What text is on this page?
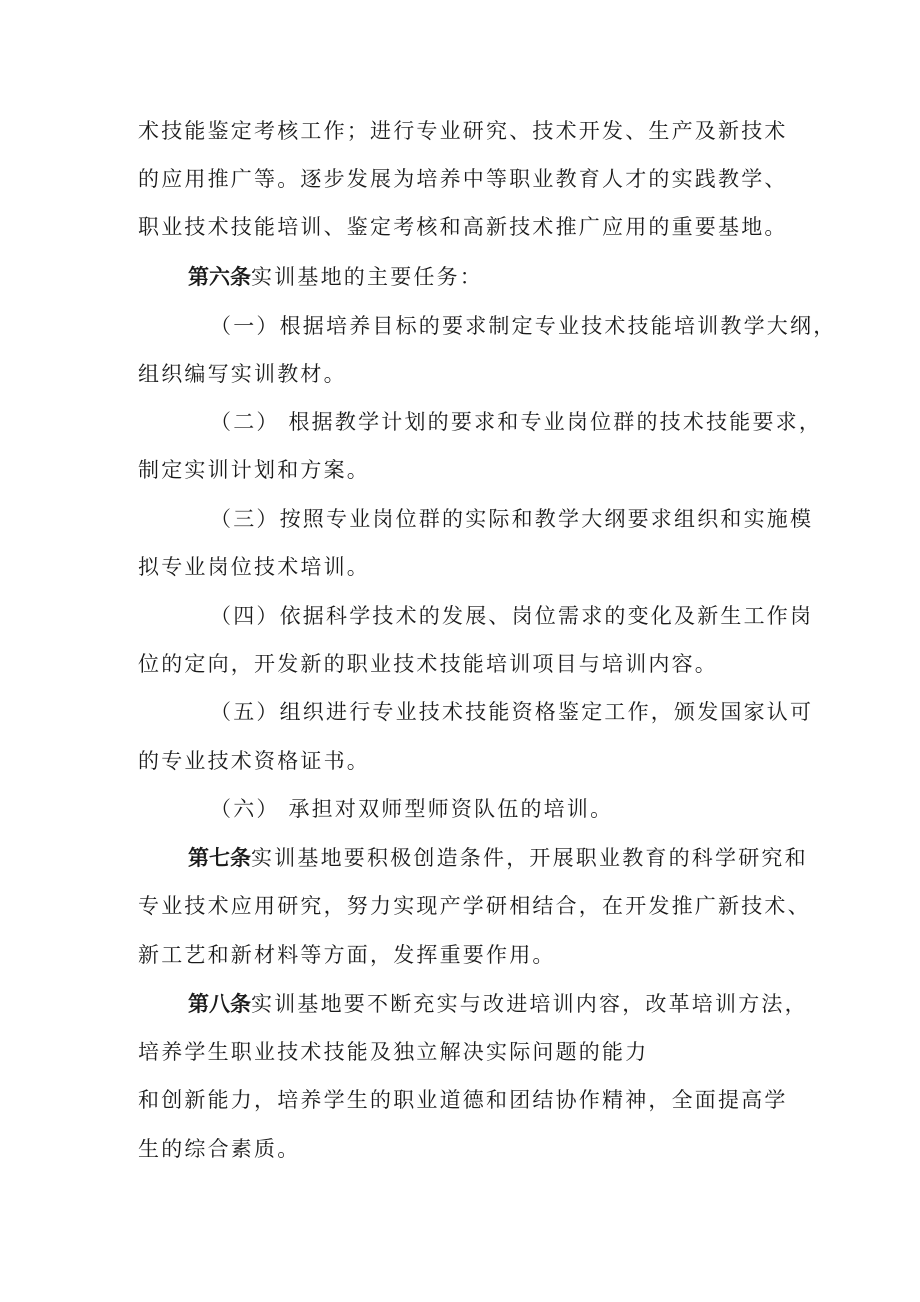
术技能鉴定考核工作；进行专业研究、技术开发、生产及新技术
的应用推广等。逐步发展为培养中等职业教育人才的实践教学、
职业技术技能培训、鉴定考核和高新技术推广应用的重要基地。
第六条实训基地的主要任务：
（一）根据培养目标的要求制定专业技术技能培训教学大纲，
组织编写实训教材。
（二） 根据教学计划的要求和专业岗位群的技术技能要求，
制定实训计划和方案。
（三）按照专业岗位群的实际和教学大纲要求组织和实施模
拟专业岗位技术培训。
（四）依据科学技术的发展、岗位需求的变化及新生工作岗
位的定向，开发新的职业技术技能培训项目与培训内容。
（五）组织进行专业技术技能资格鉴定工作，颁发国家认可
的专业技术资格证书。
（六） 承担对双师型师资队伍的培训。
第七条实训基地要积极创造条件，开展职业教育的科学研究和
专业技术应用研究，努力实现产学研相结合，在开发推广新技术、
新工艺和新材料等方面，发挥重要作用。
第八条实训基地要不断充实与改进培训内容，改革培训方法，
培养学生职业技术技能及独立解决实际问题的能力
和创新能力，培养学生的职业道德和团结协作精神，全面提高学
生的综合素质。
